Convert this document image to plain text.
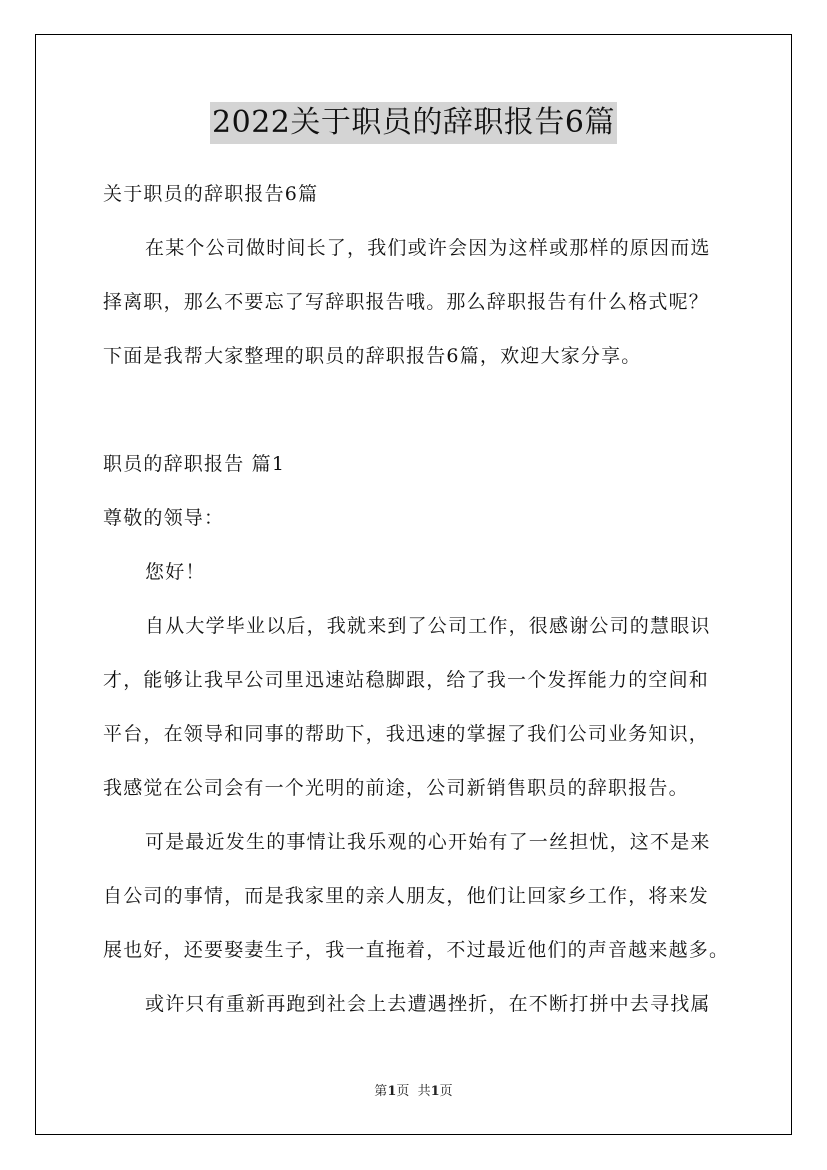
2022关于职员的辞职报告6篇
关于职员的辞职报告6篇
在某个公司做时间长了，我们或许会因为这样或那样的原因而选
择离职，那么不要忘了写辞职报告哦。那么辞职报告有什么格式呢？
下面是我帮大家整理的职员的辞职报告6篇，欢迎大家分享。
职员的辞职报告 篇1
尊敬的领导：
您好！
自从大学毕业以后，我就来到了公司工作，很感谢公司的慧眼识
才，能够让我早公司里迅速站稳脚跟，给了我一个发挥能力的空间和
平台，在领导和同事的帮助下，我迅速的掌握了我们公司业务知识，
我感觉在公司会有一个光明的前途，公司新销售职员的辞职报告。
可是最近发生的事情让我乐观的心开始有了一丝担忧，这不是来
自公司的事情，而是我家里的亲人朋友，他们让回家乡工作，将来发
展也好，还要娶妻生子，我一直拖着，不过最近他们的声音越来越多。
或许只有重新再跑到社会上去遭遇挫折，在不断打拼中去寻找属
第1页  共1页
